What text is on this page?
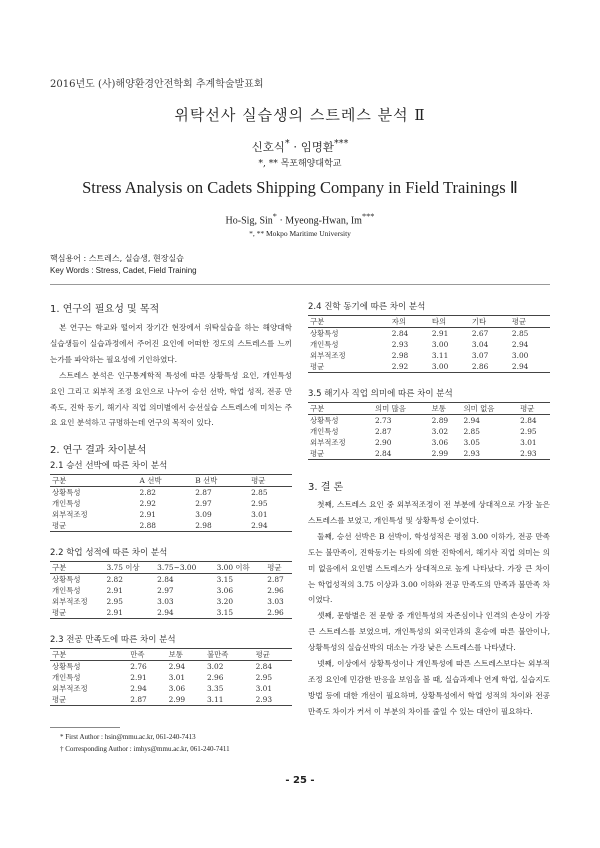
2016년도 (사)해양환경안전학회 추계학술발표회
위탁선사 실습생의 스트레스 분석 Ⅱ
신호식* · 임명환***
*, ** 목포해양대학교
Stress Analysis on Cadets Shipping Company in Field Trainings Ⅱ
Ho-Sig, Sin* · Myeong-Hwan, Im***
*, ** Mokpo Maritime University
핵심용어 : 스트레스, 실습생, 현장실습
Key Words : Stress, Cadet, Field Training
1. 연구의 필요성 및 목적

본 연구는 학교와 떨어져 장기간 현장에서 위탁실습을 하는 해양대학 실습생들이 실습과정에서 주어진 요인에 어떠한 정도의 스트레스를 느끼는가를 파악하는 필요성에 기인하였다.

스트레스 분석은 인구통계학적 특성에 따른 상황특성 요인, 개인특성 요인 그리고 외부적 조정 요인으로 나누어 승선 선박, 학업 성적, 전공 만족도, 진학 동기, 해기사 직업 의미별에서 승선실습 스트레스에 미치는 주요 요인 분석하고 규명하는데 연구의 목적이 있다.

2. 연구 결과 차이분석
2.1 승선 선박에 따른 차이 분석
구분	A 선박	B 선박	평균
상황특성	2.82	2.87	2.85
개인특성	2.92	2.97	2.95
외부적조정	2.91	3.09	3.01
평균	2.88	2.98	2.94
2.2 학업 성적에 따른 차이 분석
구분	3.75 이상	3.75~3.00	3.00 이하	평균
상황특성	2.82	2.84	3.15	2.87
개인특성	2.91	2.97	3.06	2.96
외부적조정	2.95	3.03	3.20	3.03
평균	2.91	2.94	3.15	2.96
2.3 전공 만족도에 따른 차이 분석
구분	만족	보통	불만족	평균
상황특성	2.76	2.94	3.02	2.84
개인특성	2.91	3.01	2.96	2.95
외부적조정	2.94	3.06	3.35	3.01
평균	2.87	2.99	3.11	2.93
2.4 진학 동기에 따른 차이 분석
구분	자의	타의	기타	평균
상황특성	2.84	2.91	2.67	2.85
개인특성	2.93	3.00	3.04	2.94
외부적조정	2.98	3.11	3.07	3.00
평균	2.92	3.00	2.86	2.94
3.5 해기사 직업 의미에 따른 차이 분석
구분	의미 많음	보통	의미 없음	평균
상황특성	2.73	2.89	2.94	2.84
개인특성	2.87	3.02	2.85	2.95
외부적조정	2.90	3.06	3.05	3.01
평균	2.84	2.99	2.93	2.93
3. 결 론

첫째, 스트레스 요인 중 외부적조정이 전 부분에 상대적으로 가장 높은 스트레스를 보였고, 개인특성 및 상황특성 순이었다.

둘째, 승선 선박은 B 선박이, 학성성적은 평점 3.00 이하가, 전공 만족도는 불만족이, 진학동기는 타의에 의한 진학에서, 해기사 직업 의미는 의미 없음에서 요인별 스트레스가 상대적으로 높게 나타났다. 가장 큰 차이는 학업성적의 3.75 이상과 3.00 이하와 전공 만족도의 만족과 불만족 차이였다.

셋째, 문항별은 전 문항 중 개인특성의 자존심이나 인격의 손상이 가장 큰 스트레스를 보였으며, 개인특성의 외국인과의 혼승에 따른 불안이나, 상황특성의 실습선박의 대소는 가장 낮은 스트레스를 나타냈다.

넷째, 이상에서 상황특성이나 개인특성에 따른 스트레스보다는 외부적조정 요인에 민감한 반응을 보임을 볼 때, 실습과제나 연계 학업, 실습지도 방법 등에 대한 개선이 필요하며, 상황특성에서 학업 성적의 차이와 전공 만족도 차이가 커서 이 부분의 차이를 줄일 수 있는 대안이 필요하다.

* First Author : hsin@mmu.ac.kr, 061-240-7413
† Corresponding Author : imhys@mmu.ac.kr, 061-240-7411
- 25 -
